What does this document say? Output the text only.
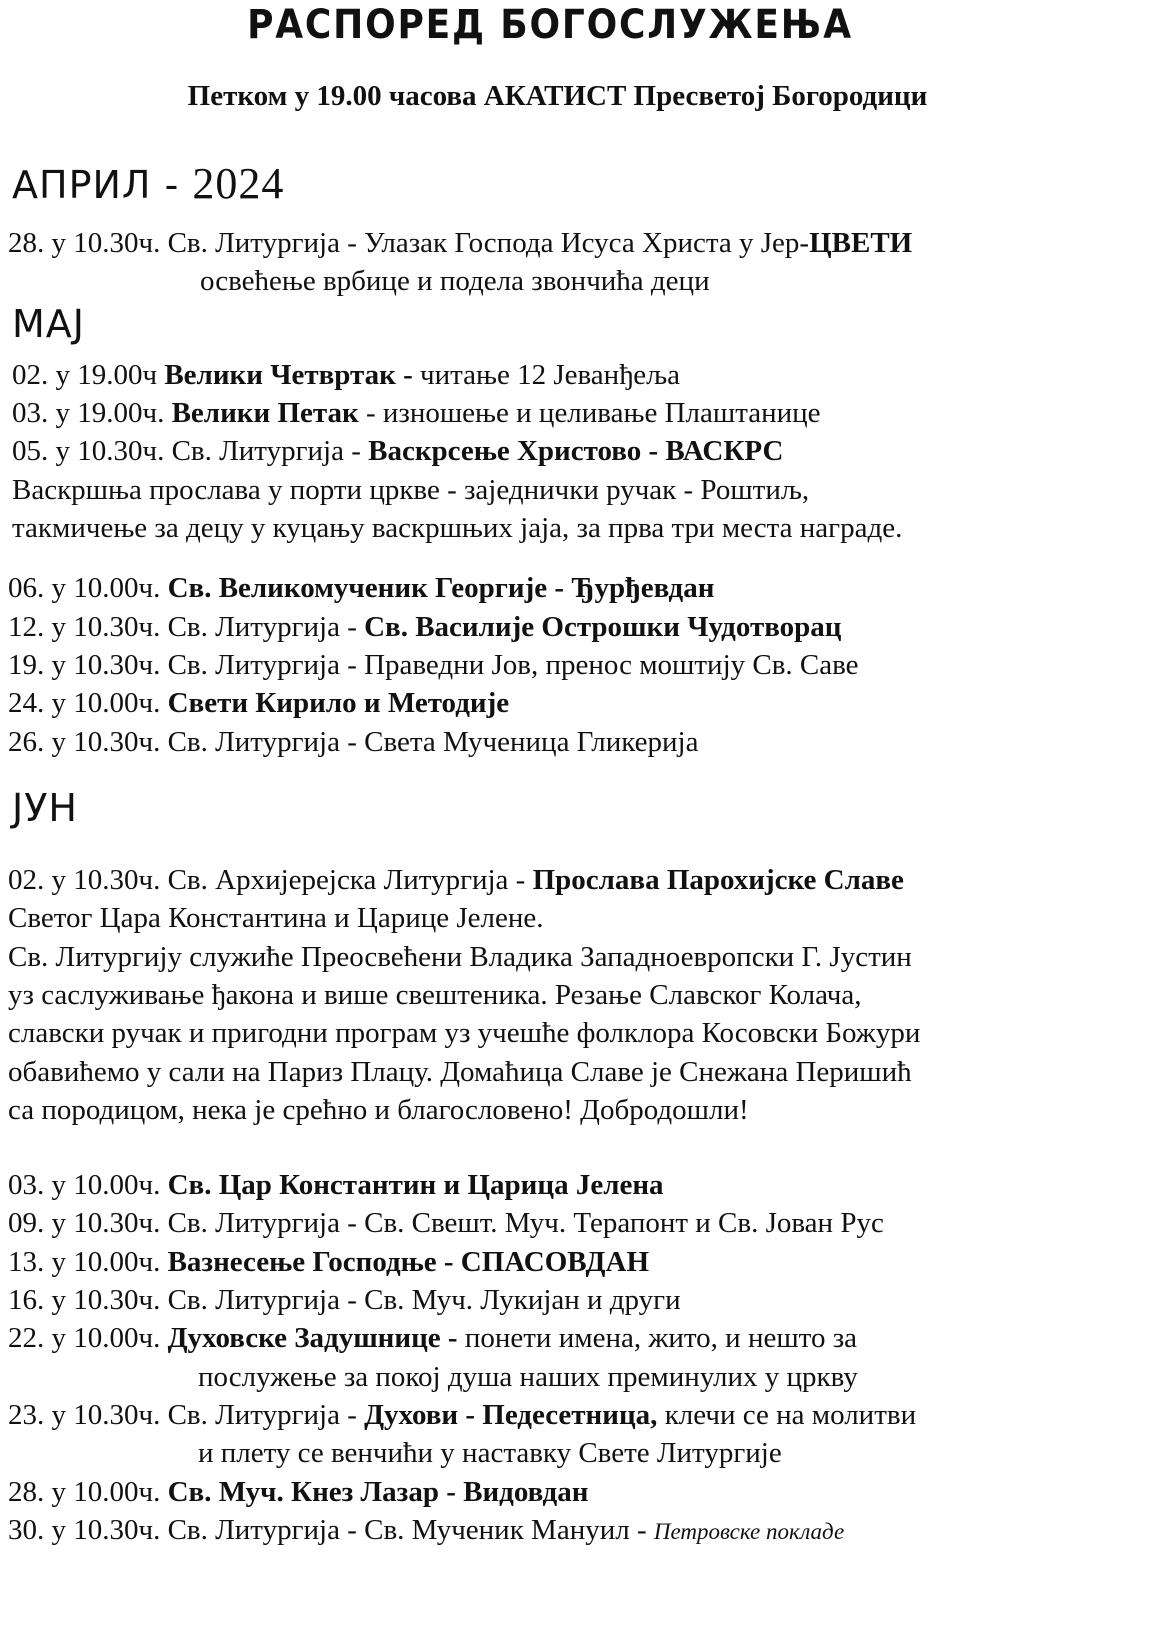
РАСПОРЕД БОГОСЛУЖЕЊА
Петком у 19.00 часова АКАТИСТ Пресветој Богородици
АПРИЛ - 2024
28. у 10.30ч. Св. Литургија - Улазак Господа Исуса Христа у Јер-ЦВЕТИ
освећење врбице и подела звончића деци
МАЈ
02. у 19.00ч Велики Четвртак - читање 12 Јеванђеља
03. у 19.00ч. Велики Петак - изношење и целивање Плаштанице
05. у 10.30ч. Св. Литургија - Васкрсење Христово - ВАСКРС
Васкршња прослава у порти цркве - заједнички ручак - Роштиљ,
такмичење за децу у куцању васкршњих јаја, за прва три места награде.
06. у 10.00ч. Св. Великомученик Георгије - Ђурђевдан
12. у 10.30ч. Св. Литургија - Св. Василије Острошки Чудотворац
19. у 10.30ч. Св. Литургија - Праведни Јов, пренос моштију Св. Саве
24. у 10.00ч. Свети Кирило и Методије
26. у 10.30ч. Св. Литургија - Света Мученица Гликерија
ЈУН
02. у 10.30ч. Св. Архијерејска Литургија - Прослава Парохијске Славе
Светог Цара Константина и Царице Јелене.
Св. Литургију служиће Преосвећени Владика Западноевропски Г. Јустин
уз саслуживање ђакона и више свештеника. Резање Славског Колача,
славски ручак и пригодни програм уз учешће фолклора Косовски Божури
обавићемо у сали на Париз Плацу. Домаћица Славе је Снежана Перишић
са породицом, нека је срећно и благословено! Добродошли!
03. у 10.00ч. Св. Цар Константин и Царица Јелена
09. у 10.30ч. Св. Литургија - Св. Свешт. Муч. Терапонт и Св. Јован Рус
13. у 10.00ч. Вазнесење Господње - СПАСОВДАН
16. у 10.30ч. Св. Литургија - Св. Муч. Лукијан и други
22. у 10.00ч. Духовске Задушнице - понети имена, жито, и нешто за
послужење за покој душа наших преминулих у цркву
23. у 10.30ч. Св. Литургија - Духови - Педесетница, клечи се на молитви
и плету се венчићи у наставку Свете Литургије
28. у 10.00ч. Св. Муч. Кнез Лазар - Видовдан
30. у 10.30ч. Св. Литургија - Св. Мученик Мануил - Петровске покладе
